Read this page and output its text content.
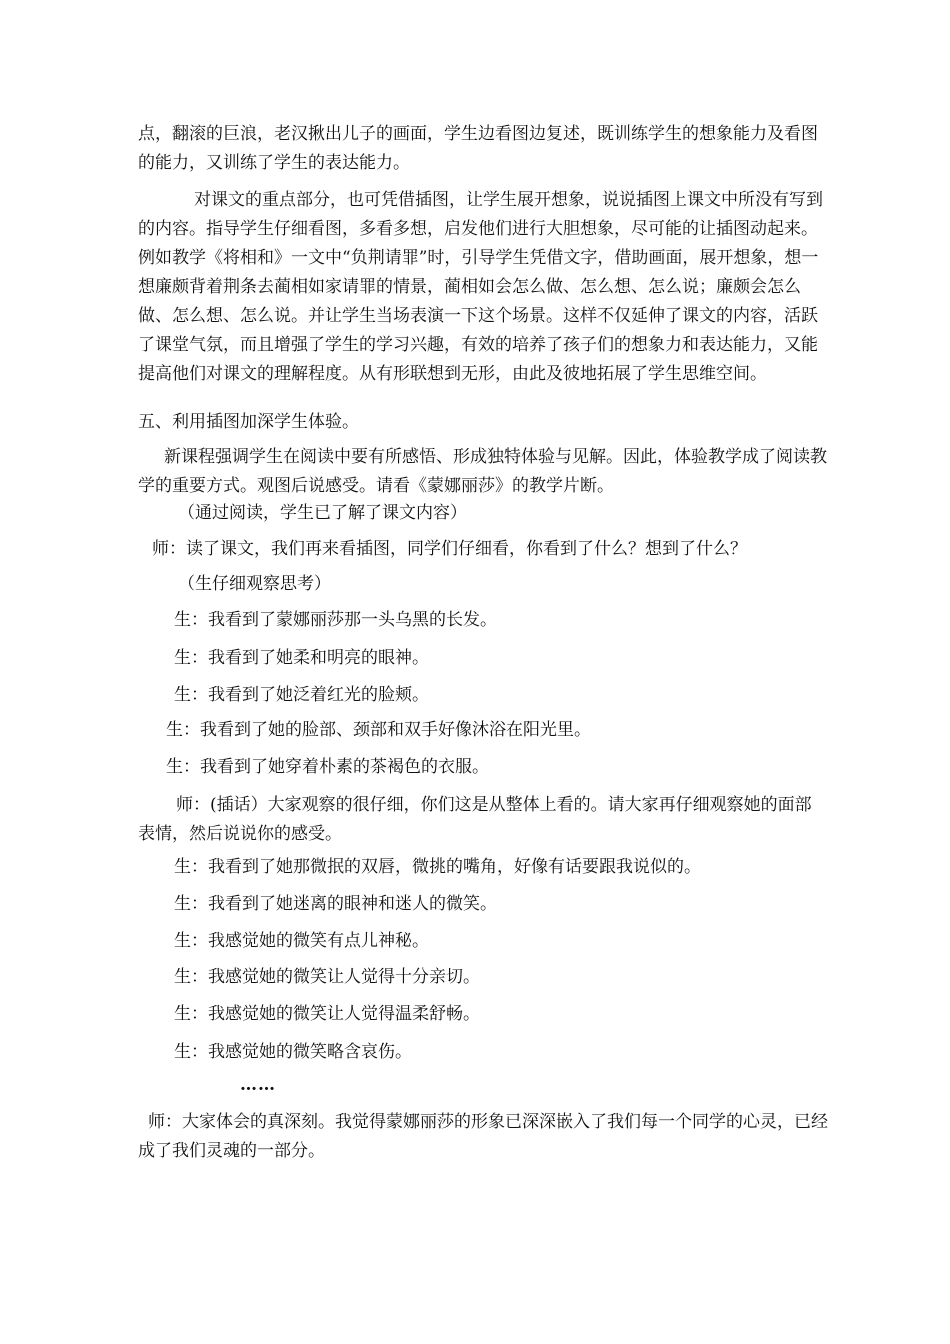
点，翻滚的巨浪，老汉揪出儿子的画面，学生边看图边复述，既训练学生的想象能力及看图的能力，又训练了学生的表达能力。

对课文的重点部分，也可凭借插图，让学生展开想象，说说插图上课文中所没有写到的内容。指导学生仔细看图，多看多想，启发他们进行大胆想象，尽可能的让插图动起来。例如教学《将相和》一文中“负荆请罪”时，引导学生凭借文字，借助画面，展开想象，想一想廉颇背着荆条去蔺相如家请罪的情景，蔺相如会怎么做、怎么想、怎么说；廉颇会怎么做、怎么想、怎么说。并让学生当场表演一下这个场景。这样不仅延伸了课文的内容，活跃了课堂气氛，而且增强了学生的学习兴趣，有效的培养了孩子们的想象力和表达能力，又能提高他们对课文的理解程度。从有形联想到无形，由此及彼地拓展了学生思维空间。

五、利用插图加深学生体验。

新课程强调学生在阅读中要有所感悟、形成独特体验与见解。因此，体验教学成了阅读教学的重要方式。观图后说感受。请看《蒙娜丽莎》的教学片断。

（通过阅读，学生已了解了课文内容）

师：读了课文，我们再来看插图，同学们仔细看，你看到了什么？想到了什么？

（生仔细观察思考）

生：我看到了蒙娜丽莎那一头乌黑的长发。

生：我看到了她柔和明亮的眼神。

生：我看到了她泛着红光的脸颊。

生：我看到了她的脸部、颈部和双手好像沐浴在阳光里。

生：我看到了她穿着朴素的茶褐色的衣服。

师：(插话）大家观察的很仔细，你们这是从整体上看的。请大家再仔细观察她的面部表情，然后说说你的感受。

生：我看到了她那微抿的双唇，微挑的嘴角，好像有话要跟我说似的。

生：我看到了她迷离的眼神和迷人的微笑。

生：我感觉她的微笑有点儿神秘。

生：我感觉她的微笑让人觉得十分亲切。

生：我感觉她的微笑让人觉得温柔舒畅。

生：我感觉她的微笑略含哀伤。

……

师：大家体会的真深刻。我觉得蒙娜丽莎的形象已深深嵌入了我们每一个同学的心灵，已经成了我们灵魂的一部分。
